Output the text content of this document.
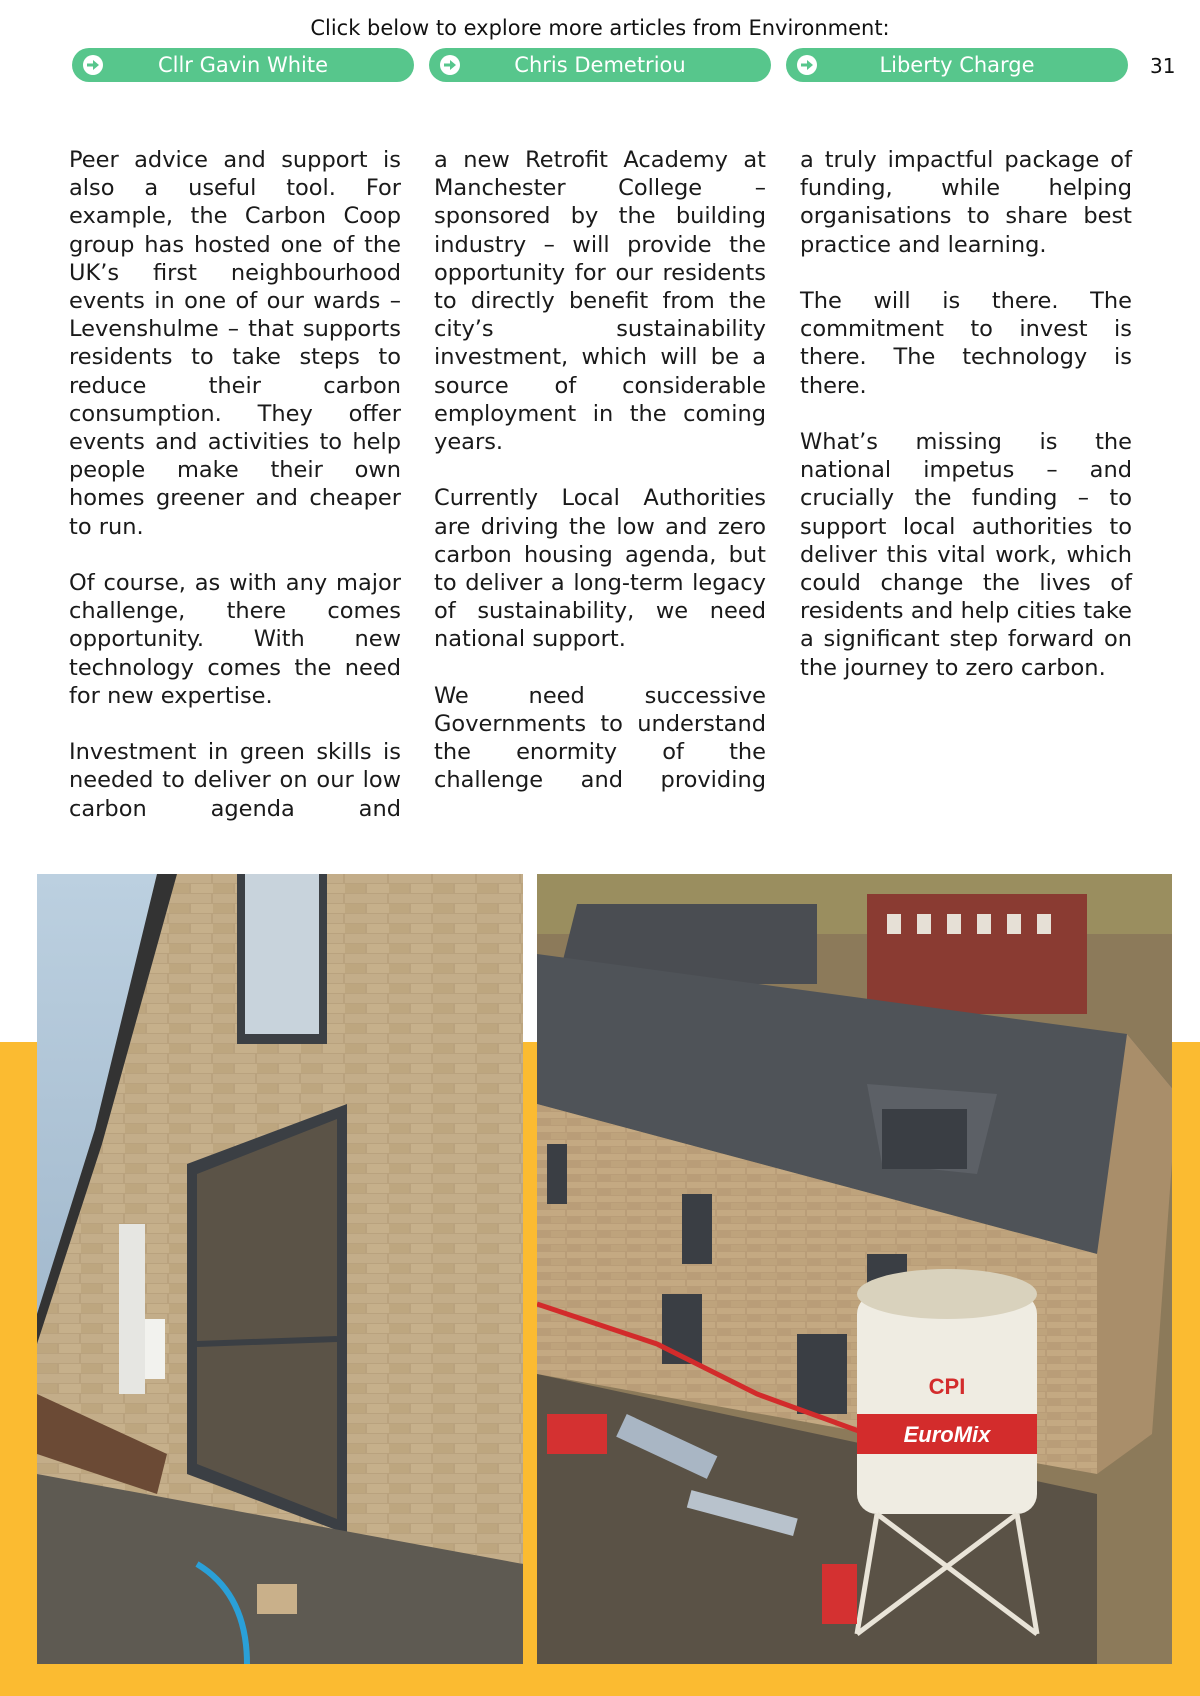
Click below to explore more articles from Environment:
Cllr Gavin White	Chris Demetriou	Liberty Charge	31

Peer advice and support is also a useful tool. For example, the Carbon Coop group has hosted one of the UK’s first neighbourhood events in one of our wards – Levenshulme – that supports residents to take steps to reduce their carbon consumption. They offer events and activities to help people make their own homes greener and cheaper to run.

Of course, as with any major challenge, there comes opportunity. With new technology comes the need for new expertise.

Investment in green skills is needed to deliver on our low carbon agenda and

a new Retrofit Academy at Manchester College – sponsored by the building industry – will provide the opportunity for our residents to directly benefit from the city’s sustainability investment, which will be a source of considerable employment in the coming years.

Currently Local Authorities are driving the low and zero carbon housing agenda, but to deliver a long-term legacy of sustainability, we need national support.

We need successive Governments to understand the enormity of the challenge and providing

a truly impactful package of funding, while helping organisations to share best practice and learning.

The will is there. The commitment to invest is there. The technology is there.

What’s missing is the national impetus – and crucially the funding – to support local authorities to deliver this vital work, which could change the lives of residents and help cities take a significant step forward on the journey to zero carbon.

CPI
EuroMix
